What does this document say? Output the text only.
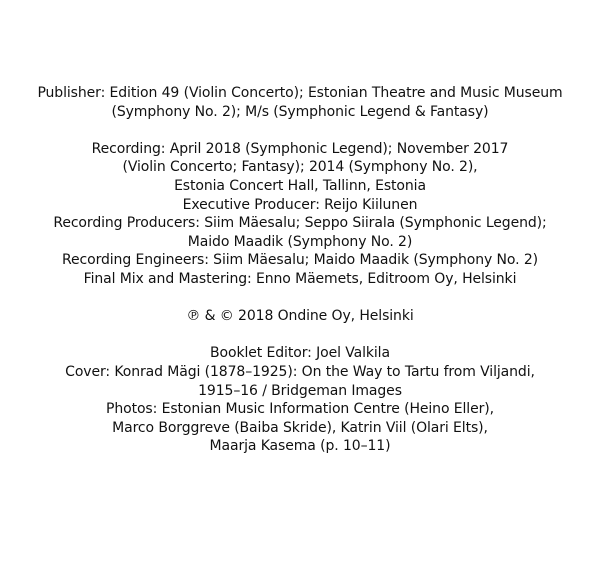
Publisher: Edition 49 (Violin Concerto); Estonian Theatre and Music Museum
(Symphony No. 2); M/s (Symphonic Legend & Fantasy)
Recording: April 2018 (Symphonic Legend); November 2017
(Violin Concerto; Fantasy); 2014 (Symphony No. 2),
Estonia Concert Hall, Tallinn, Estonia
Executive Producer: Reijo Kiilunen
Recording Producers: Siim Mäesalu; Seppo Siirala (Symphonic Legend);
Maido Maadik (Symphony No. 2)
Recording Engineers: Siim Mäesalu; Maido Maadik (Symphony No. 2)
Final Mix and Mastering: Enno Mäemets, Editroom Oy, Helsinki
℗ & © 2018 Ondine Oy, Helsinki
Booklet Editor: Joel Valkila
Cover: Konrad Mägi (1878–1925): On the Way to Tartu from Viljandi,
1915–16 / Bridgeman Images
Photos: Estonian Music Information Centre (Heino Eller),
Marco Borggreve (Baiba Skride), Katrin Viil (Olari Elts),
Maarja Kasema (p. 10–11)
